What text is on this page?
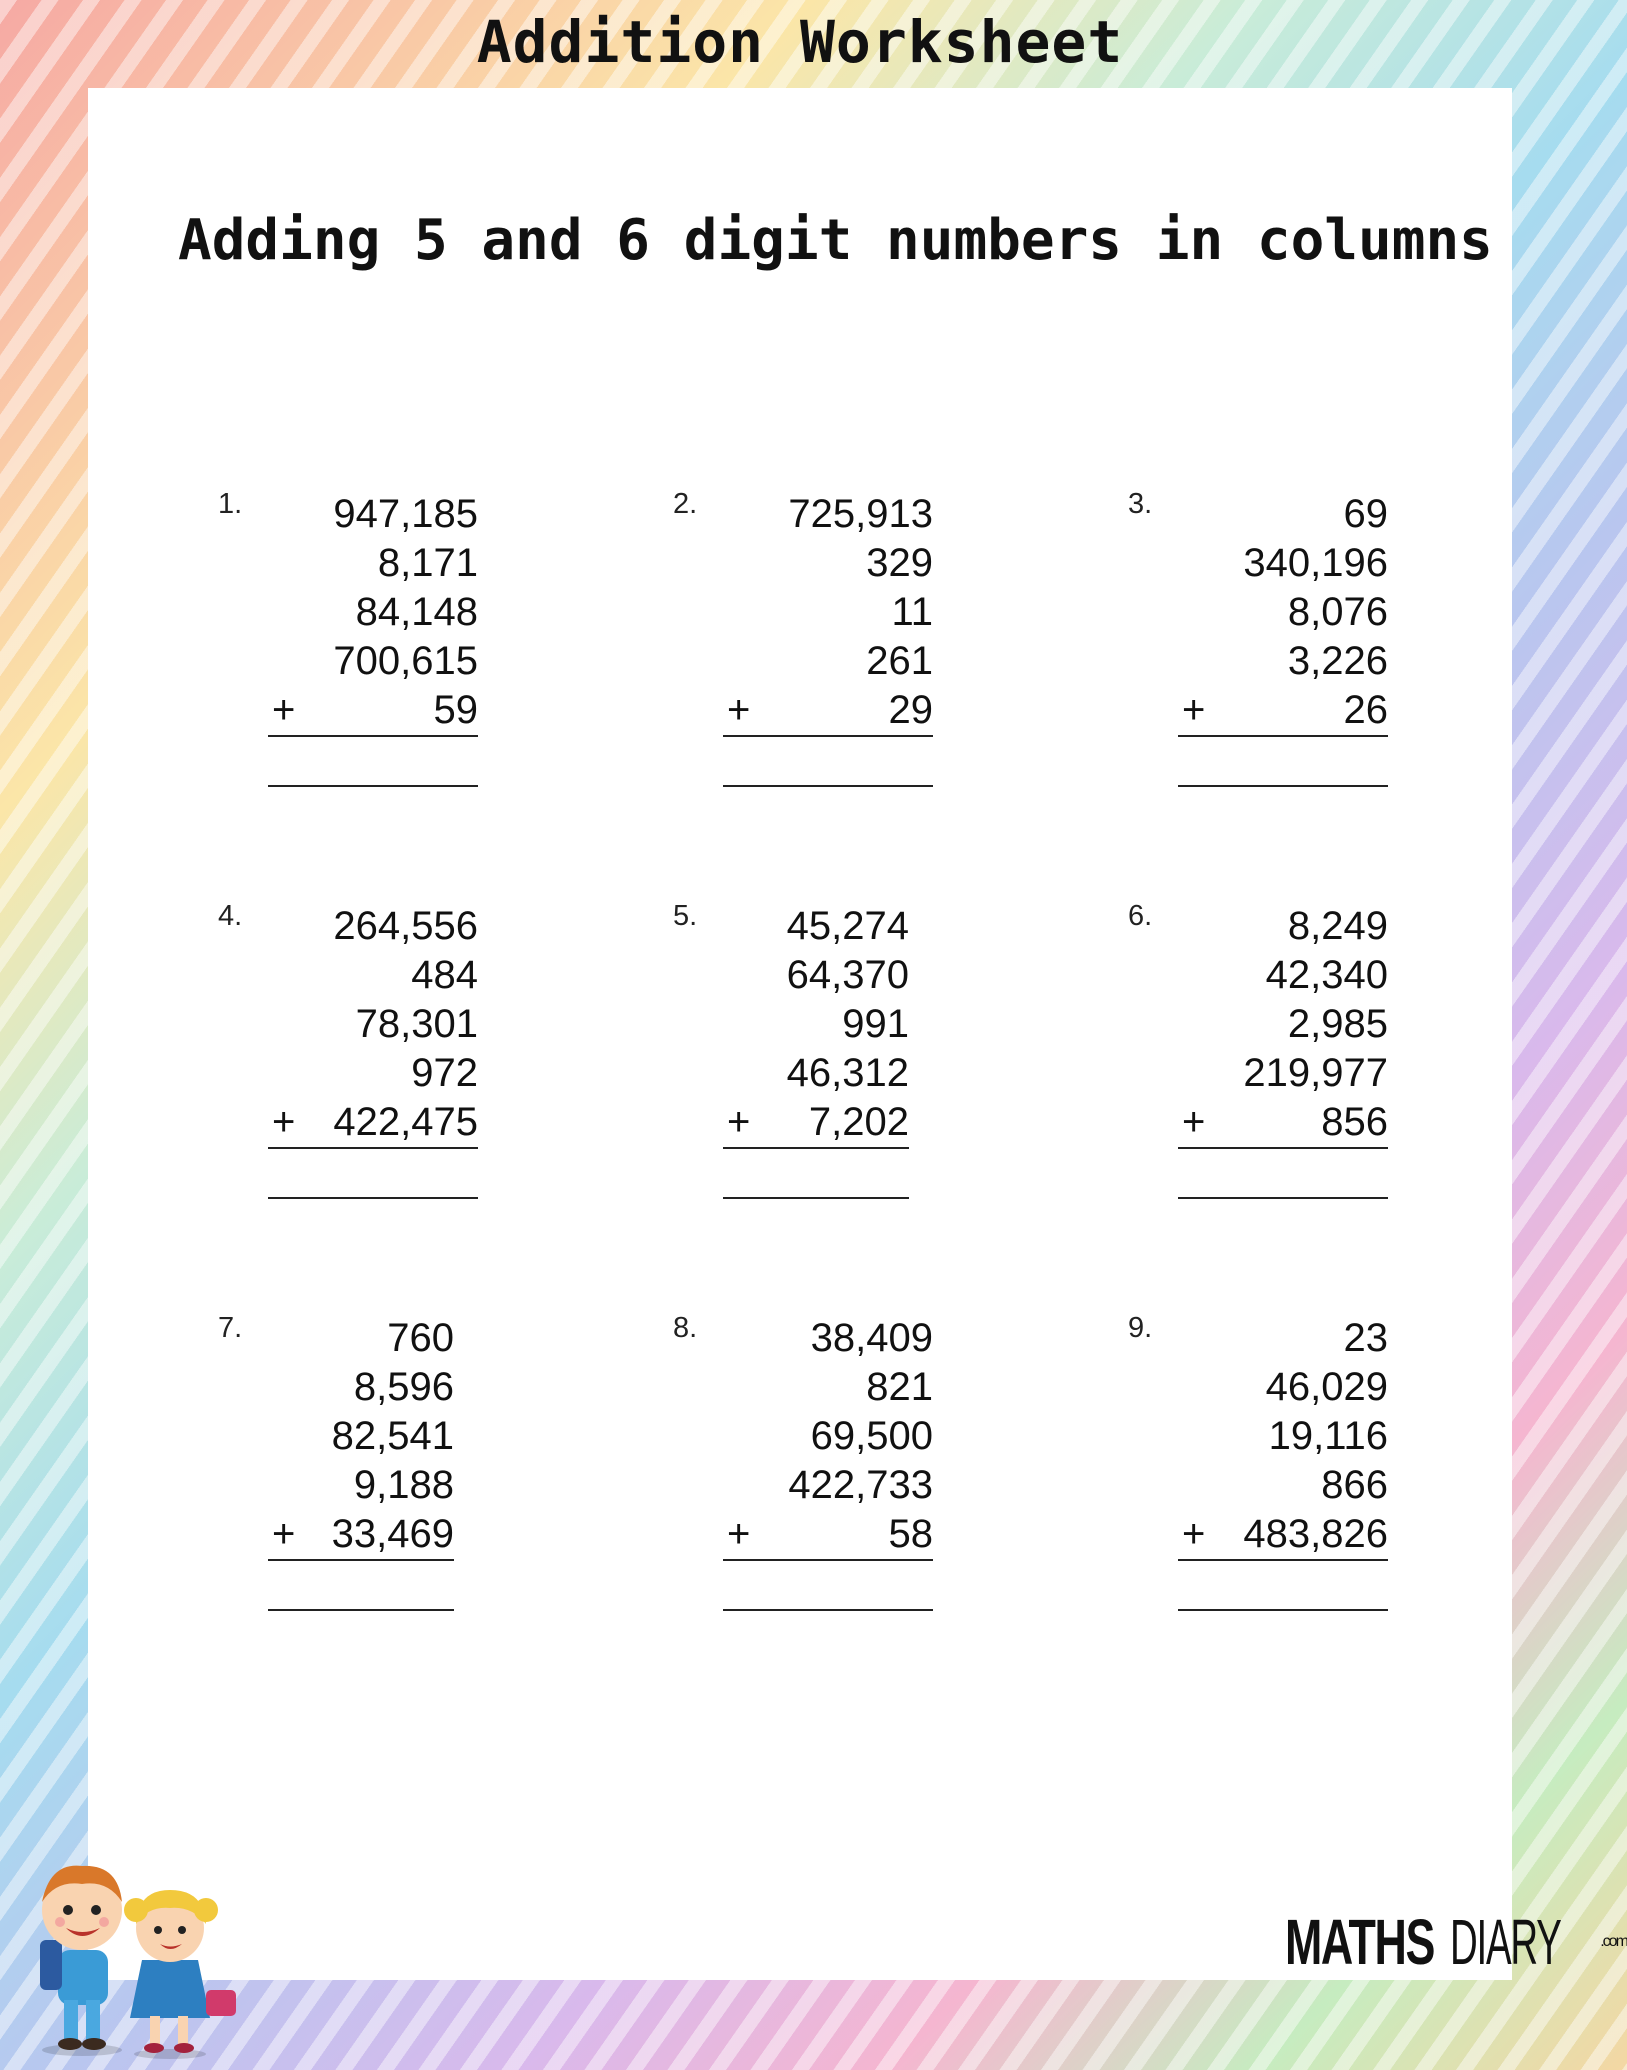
Addition Worksheet
Adding 5 and 6 digit numbers in columns
1.	947,185
8,171
84,148
700,615
+	59
2.	725,913
329
11
261
+	29
3.	69
340,196
8,076
3,226
+	26
4.	264,556
484
78,301
972
+ 422,475
5.	45,274
64,370
991
46,312
+ 7,202
6.	8,249
42,340
2,985
219,977
+	856
7.	760
8,596
82,541
9,188
+ 33,469
8.	38,409
821
69,500
422,733
+	58
9.	23
46,029
19,116
866
+ 483,826
MATHS DIARY .com
